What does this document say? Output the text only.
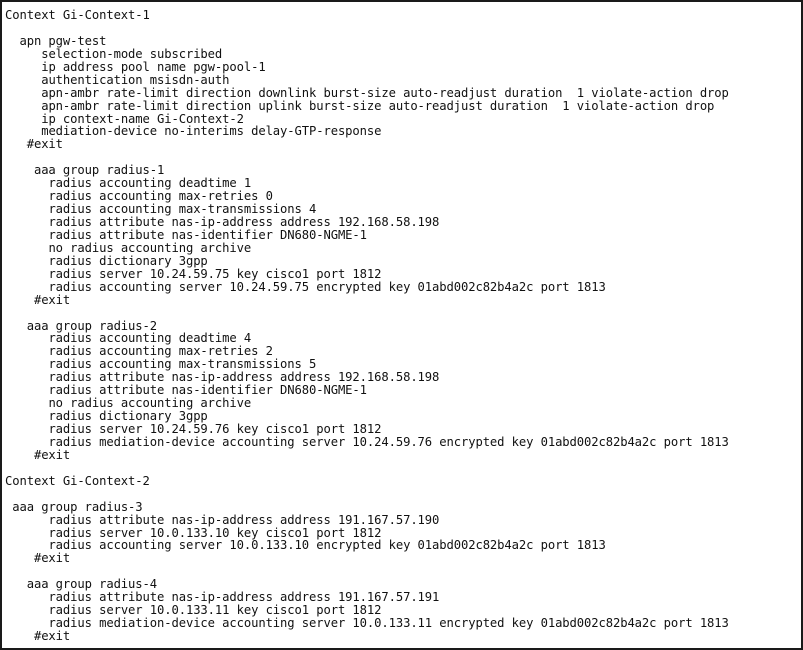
Context Gi-Context-1
apn pgw-test
selection-mode subscribed
ip address pool name pgw-pool-1
authentication msisdn-auth
apn-ambr rate-limit direction downlink burst-size auto-readjust duration  1 violate-action drop
apn-ambr rate-limit direction uplink burst-size auto-readjust duration  1 violate-action drop
ip context-name Gi-Context-2
mediation-device no-interims delay-GTP-response
#exit
aaa group radius-1
radius accounting deadtime 1
radius accounting max-retries 0
radius accounting max-transmissions 4
radius attribute nas-ip-address address 192.168.58.198
radius attribute nas-identifier DN680-NGME-1
no radius accounting archive
radius dictionary 3gpp
radius server 10.24.59.75 key cisco1 port 1812
radius accounting server 10.24.59.75 encrypted key 01abd002c82b4a2c port 1813
#exit
aaa group radius-2
radius accounting deadtime 4
radius accounting max-retries 2
radius accounting max-transmissions 5
radius attribute nas-ip-address address 192.168.58.198
radius attribute nas-identifier DN680-NGME-1
no radius accounting archive
radius dictionary 3gpp
radius server 10.24.59.76 key cisco1 port 1812
radius mediation-device accounting server 10.24.59.76 encrypted key 01abd002c82b4a2c port 1813
#exit
Context Gi-Context-2
aaa group radius-3
radius attribute nas-ip-address address 191.167.57.190
radius server 10.0.133.10 key cisco1 port 1812
radius accounting server 10.0.133.10 encrypted key 01abd002c82b4a2c port 1813
#exit
aaa group radius-4
radius attribute nas-ip-address address 191.167.57.191
radius server 10.0.133.11 key cisco1 port 1812
radius mediation-device accounting server 10.0.133.11 encrypted key 01abd002c82b4a2c port 1813
#exit
